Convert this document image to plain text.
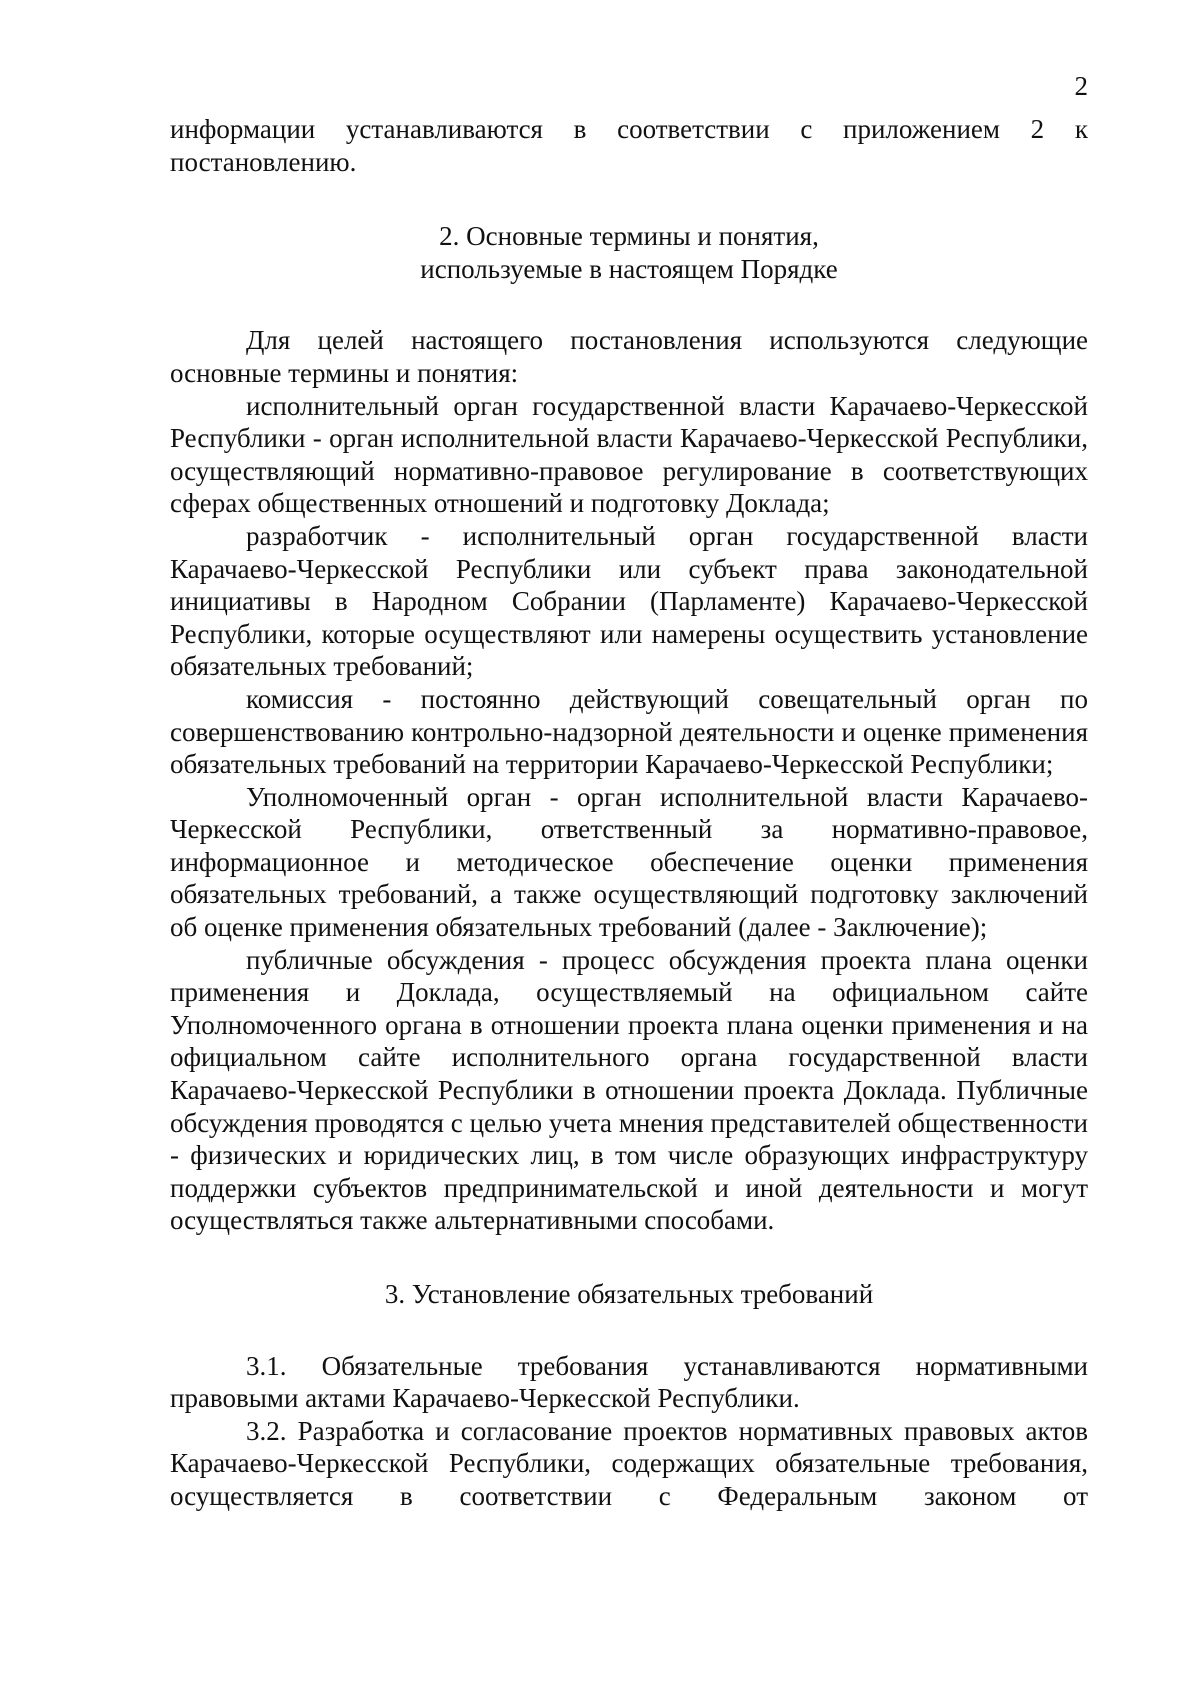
2

информации устанавливаются в соответствии с приложением 2 к постановлению.

2. Основные термины и понятия,
используемые в настоящем Порядке

Для целей настоящего постановления используются следующие основные термины и понятия:

исполнительный орган государственной власти Карачаево-Черкесской Республики - орган исполнительной власти Карачаево-Черкесской Республики, осуществляющий нормативно-правовое регулирование в соответствующих сферах общественных отношений и подготовку Доклада;

разработчик - исполнительный орган государственной власти Карачаево-Черкесской Республики или субъект права законодательной инициативы в Народном Собрании (Парламенте) Карачаево-Черкесской Республики, которые осуществляют или намерены осуществить установление обязательных требований;

комиссия - постоянно действующий совещательный орган по совершенствованию контрольно-надзорной деятельности и оценке применения обязательных требований на территории Карачаево-Черкесской Республики;

Уполномоченный орган - орган исполнительной власти Карачаево-Черкесской Республики, ответственный за нормативно-правовое, информационное и методическое обеспечение оценки применения обязательных требований, а также осуществляющий подготовку заключений об оценке применения обязательных требований (далее - Заключение);

публичные обсуждения - процесс обсуждения проекта плана оценки применения и Доклада, осуществляемый на официальном сайте Уполномоченного органа в отношении проекта плана оценки применения и на официальном сайте исполнительного органа государственной власти Карачаево-Черкесской Республики в отношении проекта Доклада. Публичные обсуждения проводятся с целью учета мнения представителей общественности - физических и юридических лиц, в том числе образующих инфраструктуру поддержки субъектов предпринимательской и иной деятельности и могут осуществляться также альтернативными способами.

3. Установление обязательных требований

3.1. Обязательные требования устанавливаются нормативными правовыми актами Карачаево-Черкесской Республики.

3.2. Разработка и согласование проектов нормативных правовых актов Карачаево-Черкесской Республики, содержащих обязательные требования, осуществляется в соответствии с Федеральным законом от
